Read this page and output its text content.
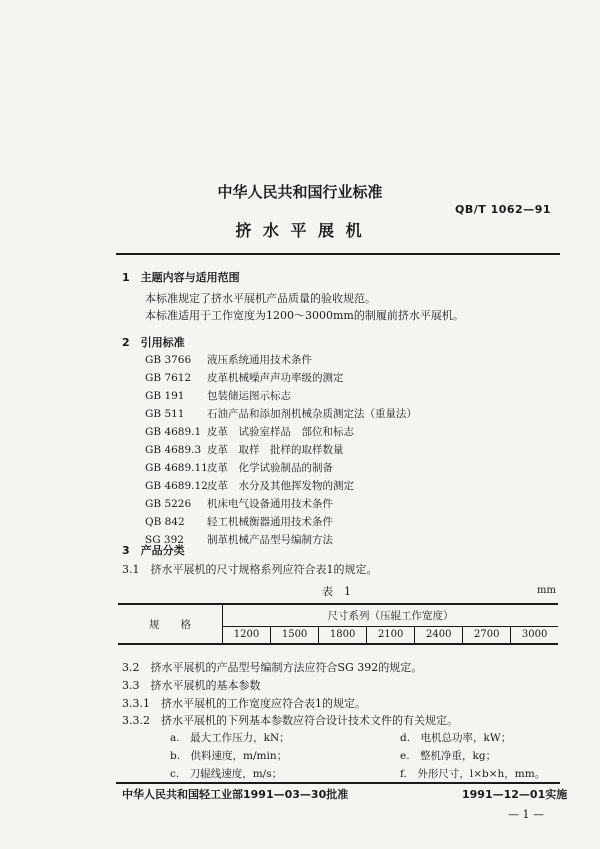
中华人民共和国行业标准
QB/T 1062—91
挤 水 平 展 机
1　主题内容与适用范围
本标准规定了挤水平展机产品质量的验收规范。
本标准适用于工作宽度为1200～3000mm的制履前挤水平展机。
2　引用标准
GB 3766 液压系统通用技术条件
GB 7612 皮革机械噪声声功率级的测定
GB 191 包装储运图示标志
GB 511 石油产品和添加剂机械杂质测定法（重量法）
GB 4689.1 皮革　试验室样品　部位和标志
GB 4689.3 皮革　取样　批样的取样数量
GB 4689.11皮革　化学试验制品的制备
GB 4689.12皮革　水分及其他挥发物的测定
GB 5226 机床电气设备通用技术条件
QB 842 轻工机械衡器通用技术条件
SG 392 制革机械产品型号编制方法
3　产品分类
3.1　挤水平展机的尺寸规格系列应符合表1的规定。
表　1	mm
规　　格	尺寸系列（压辊工作宽度）						
	1200	1500	1800	2100	2400	2700	3000
3.2　挤水平展机的产品型号编制方法应符合SG 392的规定。
3.3　挤水平展机的基本参数
3.3.1　挤水平展机的工作宽度应符合表1的规定。
3.3.2　挤水平展机的下列基本参数应符合设计技术文件的有关规定。
a.　最大工作压力，kN；
b.　供料速度，m/min；
c.　刀辊线速度，m/s；
d.　电机总功率，kW；
e.　整机净重，kg；
f.　外形尺寸，l×b×h，mm。
中华人民共和国轻工业部1991—03—30批准	1991—12—01实施
— 1 —
